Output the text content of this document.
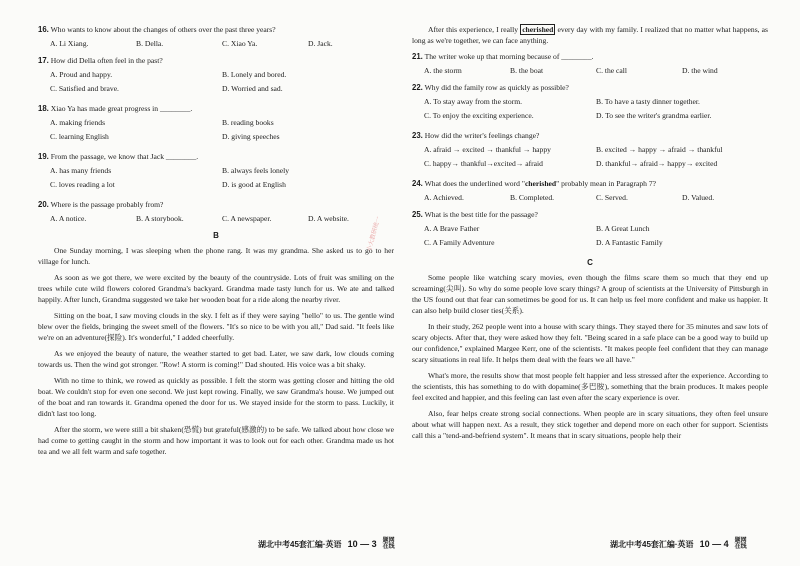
16. Who wants to know about the changes of others over the past three years?

A. Li Xiang.	B. Della.	C. Xiao Ya.	D. Jack.

17. How did Della often feel in the past?

A. Proud and happy.	B. Lonely and bored.
C. Satisfied and brave.	D. Worried and sad.

18. Xiao Ya has made great progress in ________.

A. making friends	B. reading books
C. learning English	D. giving speeches

19. From the passage, we know that Jack ________.

A. has many friends	B. always feels lonely
C. loves reading a lot	D. is good at English

20. Where is the passage probably from?

A. A notice.	B. A storybook.	C. A newspaper.	D. A website.
B

One Sunday morning, I was sleeping when the phone rang. It was my grandma. She asked us to go to her village for lunch.

As soon as we got there, we were excited by the beauty of the countryside. Lots of fruit was smiling on the trees while cute wild flowers colored Grandma's backyard. Grandma made tasty lunch for us. We ate and talked happily. After lunch, Grandma suggested we take her wooden boat for a ride along the nearby river.

Sitting on the boat, I saw moving clouds in the sky. I felt as if they were saying "hello" to us. The gentle wind blew over the fields, bringing the sweet smell of the flowers. "It's so nice to be with you all," Dad said. "It feels like we're on an adventure(探险). It's wonderful," I added cheerfully.

As we enjoyed the beauty of nature, the weather started to get bad. Later, we saw dark, low clouds coming towards us. Then the wind got stronger. "Row! A storm is coming!" Dad shouted. His voice was a bit shaky.

With no time to think, we rowed as quickly as possible. I felt the storm was getting closer and hitting the old boat. We couldn't stop for even one second. We just kept rowing. Finally, we saw Grandma's house. We jumped out of the boat and ran towards it. Grandma opened the door for us. We stayed inside for the storm to pass. Luckily, it didn't last too long.

After the storm, we were still a bit shaken(恐慌) but grateful(感激的) to be safe. We talked about how close we had come to getting caught in the storm and how important it was to look out for each other. Grandma made us hot tea and we all felt warm and safe together.

After this experience, I really cherished every day with my family. I realized that no matter what happens, as long as we're together, we can face anything.

21. The writer woke up that morning because of ________.

A. the storm	B. the boat	C. the call	D. the wind

22. Why did the family row as quickly as possible?

A. To stay away from the storm.	B. To have a tasty dinner together.
C. To enjoy the exciting experience.	D. To see the writer's grandma earlier.

23. How did the writer's feelings change?

A. afraid → excited → thankful → happy	B. excited → happy → afraid → thankful
C. happy→ thankful→excited→ afraid	D. thankful→ afraid→ happy→ excited

24. What does the underlined word "cherished" probably mean in Paragraph 7?

A. Achieved.	B. Completed.	C. Served.	D. Valued.

25. What is the best title for the passage?

A. A Brave Father	B. A Great Lunch
C. A Family Adventure	D. A Fantastic Family
C

Some people like watching scary movies, even though the films scare them so much that they end up screaming(尖叫). So why do some people love scary things? A group of scientists at the University of Pittsburgh in the US found out that fear can sometimes be good for us. It can help us feel more confident and make us happier. It can also help build closer ties(关系).

In their study, 262 people went into a house with scary things. They stayed there for 35 minutes and saw lots of scary objects. After that, they were asked how they felt. "Being scared in a safe place can be a good way to build up our confidence," explained Margee Kerr, one of the scientists. "It makes people feel confident that they can manage scary situations in real life. It helps them deal with the fears we all have."

What's more, the results show that most people felt happier and less stressed after the experience. According to the scientists, this has something to do with dopamine(多巴胺), something that the brain produces. It makes people feel excited and happier, and this feeling can last even after the scary experience is over.

Also, fear helps create strong social connections. When people are in scary situations, they often feel unsure about what will happen next. As a result, they stick together and depend more on each other for support. Scientists call this a "tend-and-befriend system". It means that in scary situations, people help their

湖北中考45套汇编·英语 10 — 3 题网
在线	湖北中考45套汇编·英语 10 — 4 题网
在线
小大教研统一
